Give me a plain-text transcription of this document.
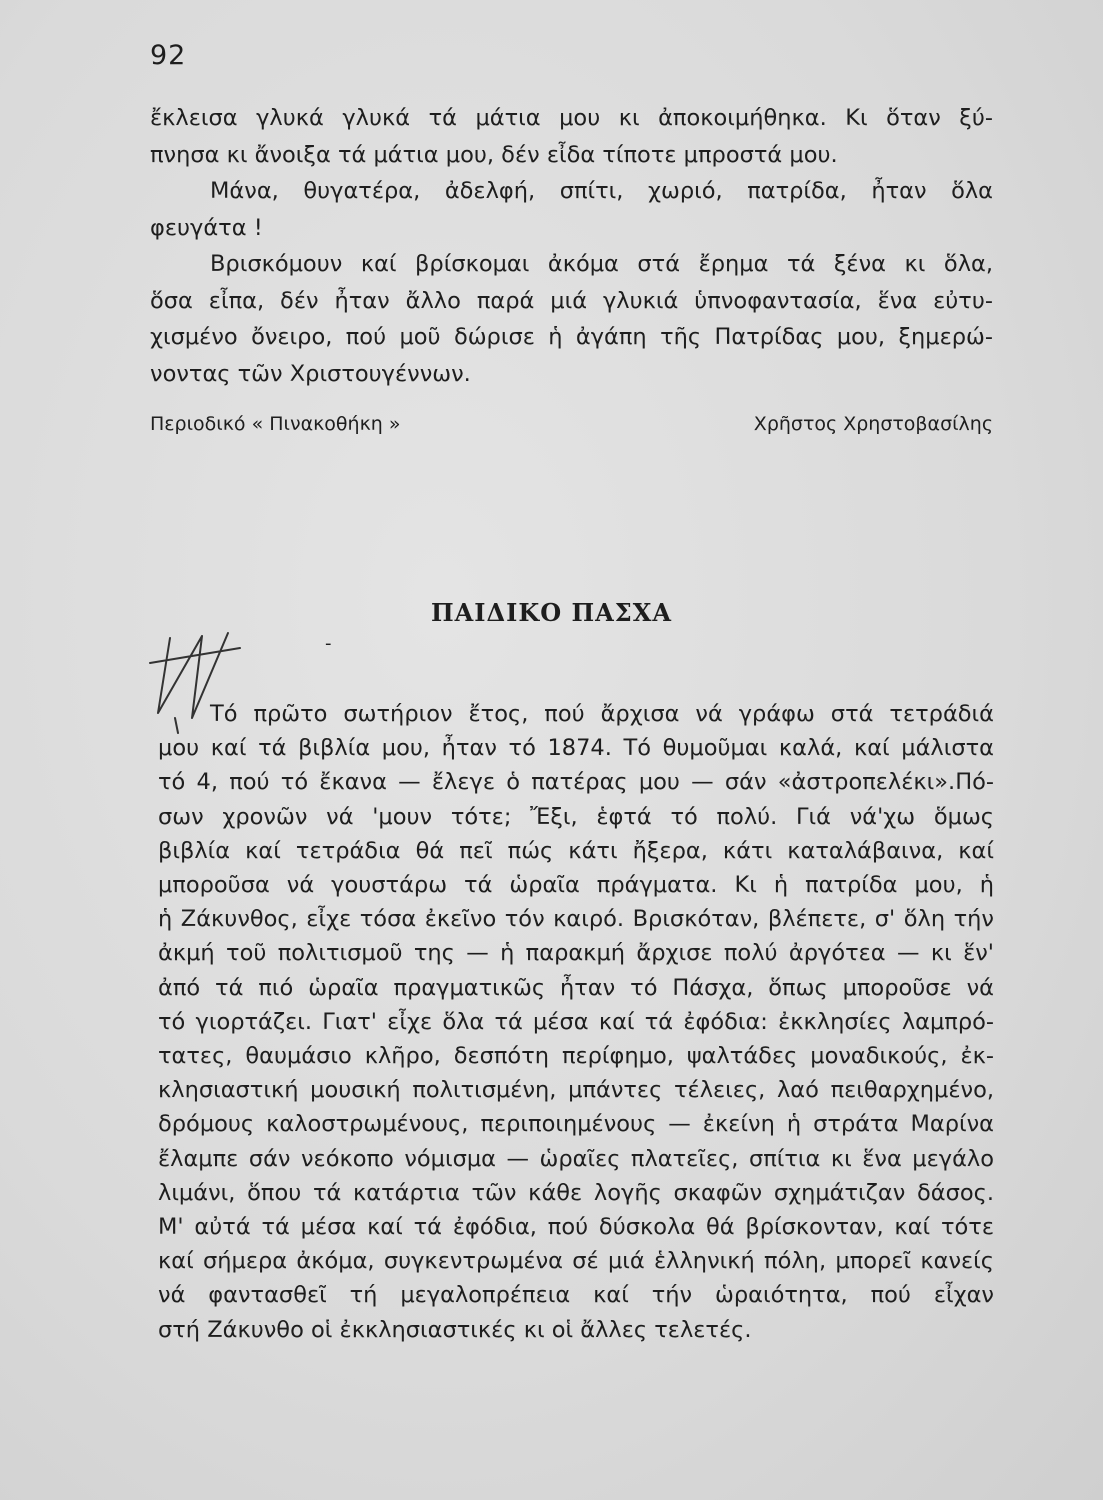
92
ἔκλεισα γλυκά γλυκά τά μάτια μου κι ἀποκοιμήθηκα. Κι ὅταν ξύ-
πνησα κι ἄνοιξα τά μάτια μου, δέν εἶδα τίποτε μπροστά μου.
Μάνα, θυγατέρα, ἀδελφή, σπίτι, χωριό, πατρίδα, ἦταν ὅλα
φευγάτα !
Βρισκόμουν καί βρίσκομαι ἀκόμα στά ἔρημα τά ξένα κι ὅλα,
ὅσα εἶπα, δέν ἦταν ἄλλο παρά μιά γλυκιά ὑπνοφαντασία, ἕνα εὐτυ-
χισμένο ὄνειρο, πού μοῦ δώρισε ἡ ἀγάπη τῆς Πατρίδας μου, ξημερώ-
νοντας τῶν Χριστουγέννων.
Περιοδικό « Πινακοθήκη »	Χρῆστος Χρηστοβασίλης
ΠΑΙΔΙΚΟ ΠΑΣΧΑ
-
Τό πρῶτο σωτήριον ἔτος, πού ἄρχισα νά γράφω στά τετράδιά
μου καί τά βιβλία μου, ἦταν τό 1874. Τό θυμοῦμαι καλά, καί μάλιστα
τό 4, πού τό ἔκανα — ἔλεγε ὁ πατέρας μου — σάν «ἀστροπελέκι».Πό-
σων χρονῶν νά 'μουν τότε; Ἔξι, ἑφτά τό πολύ. Γιά νά'χω ὅμως
βιβλία καί τετράδια θά πεῖ πώς κάτι ἤξερα, κάτι καταλάβαινα, καί
μποροῦσα νά γουστάρω τά ὡραῖα πράγματα. Κι ἡ πατρίδα μου, ἡ
ἡ Ζάκυνθος, εἶχε τόσα ἐκεῖνο τόν καιρό. Βρισκόταν, βλέπετε, σ' ὅλη τήν
ἀκμή τοῦ πολιτισμοῦ της — ἡ παρακμή ἄρχισε πολύ ἀργότεα — κι ἕν'
ἀπό τά πιό ὡραῖα πραγματικῶς ἦταν τό Πάσχα, ὅπως μποροῦσε νά
τό γιορτάζει. Γιατ' εἶχε ὅλα τά μέσα καί τά ἐφόδια: ἐκκλησίες λαμπρό-
τατες, θαυμάσιο κλῆρο, δεσπότη περίφημο, ψαλτάδες μοναδικούς, ἐκ-
κλησιαστική μουσική πολιτισμένη, μπάντες τέλειες, λαό πειθαρχημένο,
δρόμους καλοστρωμένους, περιποιημένους — ἐκείνη ἡ στράτα Μαρίνα
ἔλαμπε σάν νεόκοπο νόμισμα — ὡραῖες πλατεῖες, σπίτια κι ἕνα μεγάλο
λιμάνι, ὅπου τά κατάρτια τῶν κάθε λογῆς σκαφῶν σχημάτιζαν δάσος.
Μ' αὐτά τά μέσα καί τά ἐφόδια, πού δύσκολα θά βρίσκονταν, καί τότε
καί σήμερα ἀκόμα, συγκεντρωμένα σέ μιά ἑλληνική πόλη, μπορεῖ κανείς
νά φαντασθεῖ τή μεγαλοπρέπεια καί τήν ὡραιότητα, πού εἶχαν
στή Ζάκυνθο οἱ ἐκκλησιαστικές κι οἱ ἄλλες τελετές.
